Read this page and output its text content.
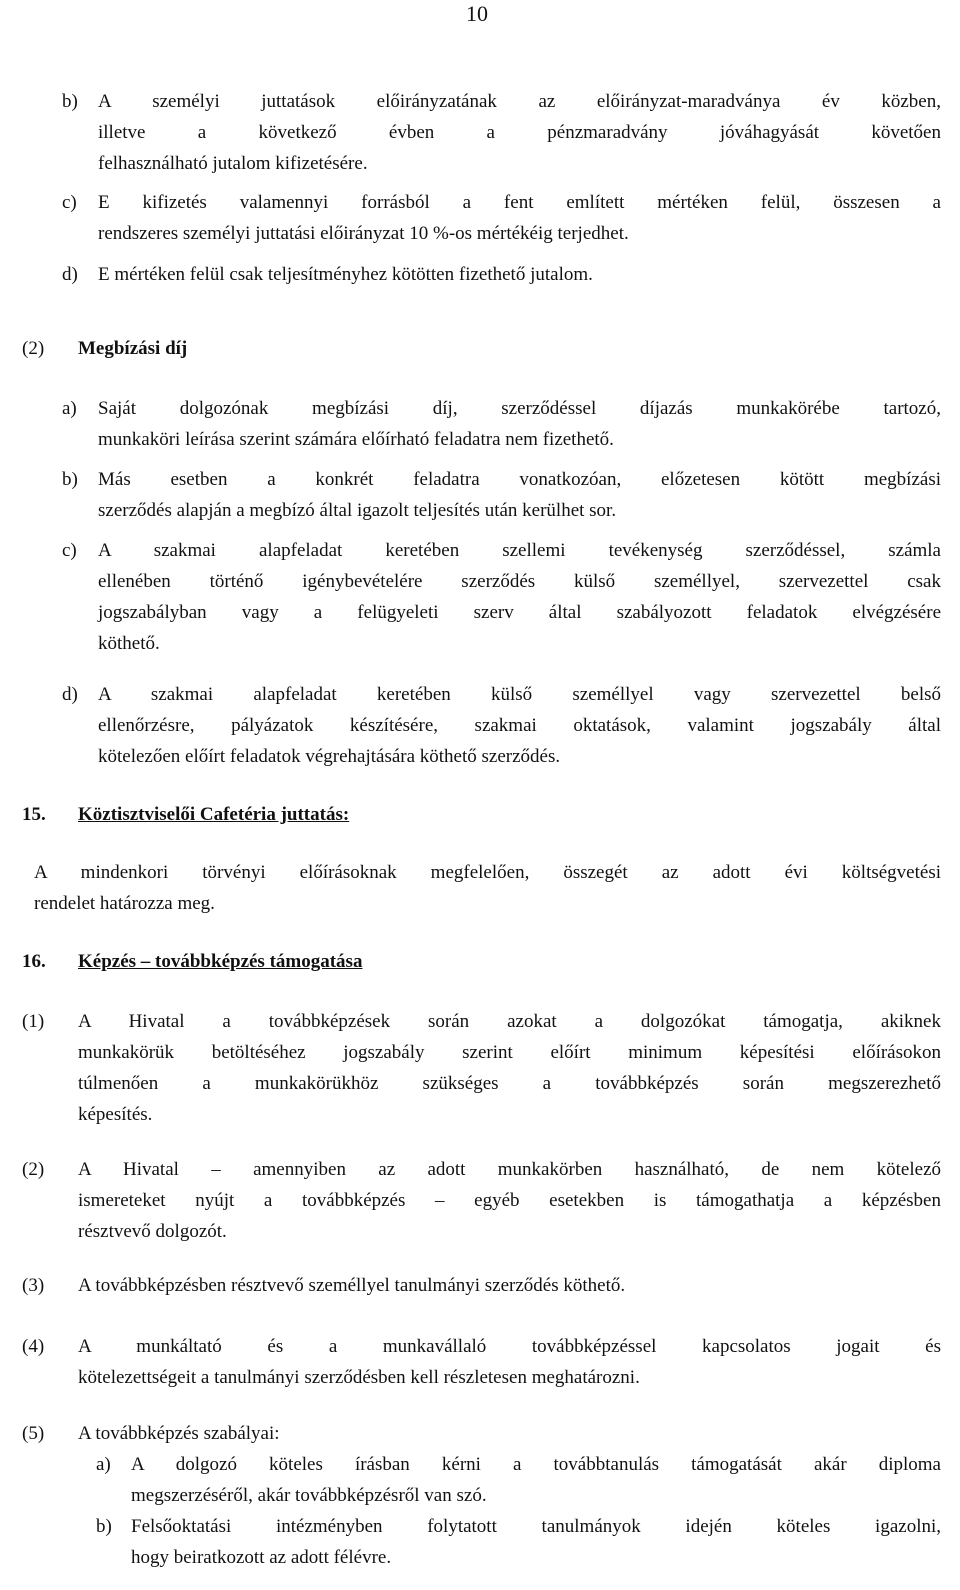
10
b) A személyi juttatások előirányzatának az előirányzat-maradványa év közben,
illetve a következő évben a pénzmaradvány jóváhagyását követően
felhasználható jutalom kifizetésére.
c) E kifizetés valamennyi forrásból a fent említett mértéken felül, összesen a
rendszeres személyi juttatási előirányzat 10 %-os mértékéig terjedhet.
d) E mértéken felül csak teljesítményhez kötötten fizethető jutalom.
(2) Megbízási díj
a) Saját dolgozónak megbízási díj, szerződéssel díjazás munkakörébe tartozó,
munkaköri leírása szerint számára előírható feladatra nem fizethető.
b) Más esetben a konkrét feladatra vonatkozóan, előzetesen kötött megbízási
szerződés alapján a megbízó által igazolt teljesítés után kerülhet sor.
c) A szakmai alapfeladat keretében szellemi tevékenység szerződéssel, számla
ellenében történő igénybevételére szerződés külső személlyel, szervezettel csak
jogszabályban vagy a felügyeleti szerv által szabályozott feladatok elvégzésére
köthető.
d) A szakmai alapfeladat keretében külső személlyel vagy szervezettel belső
ellenőrzésre, pályázatok készítésére, szakmai oktatások, valamint jogszabály által
kötelezően előírt feladatok végrehajtására köthető szerződés.
15. Köztisztviselői Cafetéria juttatás:
A mindenkori törvényi előírásoknak megfelelően, összegét az adott évi költségvetési
rendelet határozza meg.
16. Képzés – továbbképzés támogatása
(1) A Hivatal a továbbképzések során azokat a dolgozókat támogatja, akiknek
munkakörük betöltéséhez jogszabály szerint előírt minimum képesítési előírásokon
túlmenően a munkakörükhöz szükséges a továbbképzés során megszerezhető
képesítés.
(2) A Hivatal – amennyiben az adott munkakörben használható, de nem kötelező
ismereteket nyújt a továbbképzés – egyéb esetekben is támogathatja a képzésben
résztvevő dolgozót.
(3) A továbbképzésben résztvevő személlyel tanulmányi szerződés köthető.
(4) A munkáltató és a munkavállaló továbbképzéssel kapcsolatos jogait és
kötelezettségeit a tanulmányi szerződésben kell részletesen meghatározni.
(5) A továbbképzés szabályai:
a) A dolgozó köteles írásban kérni a továbbtanulás támogatását akár diploma
megszerzéséről, akár továbbképzésről van szó.
b) Felsőoktatási intézményben folytatott tanulmányok idején köteles igazolni,
hogy beiratkozott az adott félévre.
